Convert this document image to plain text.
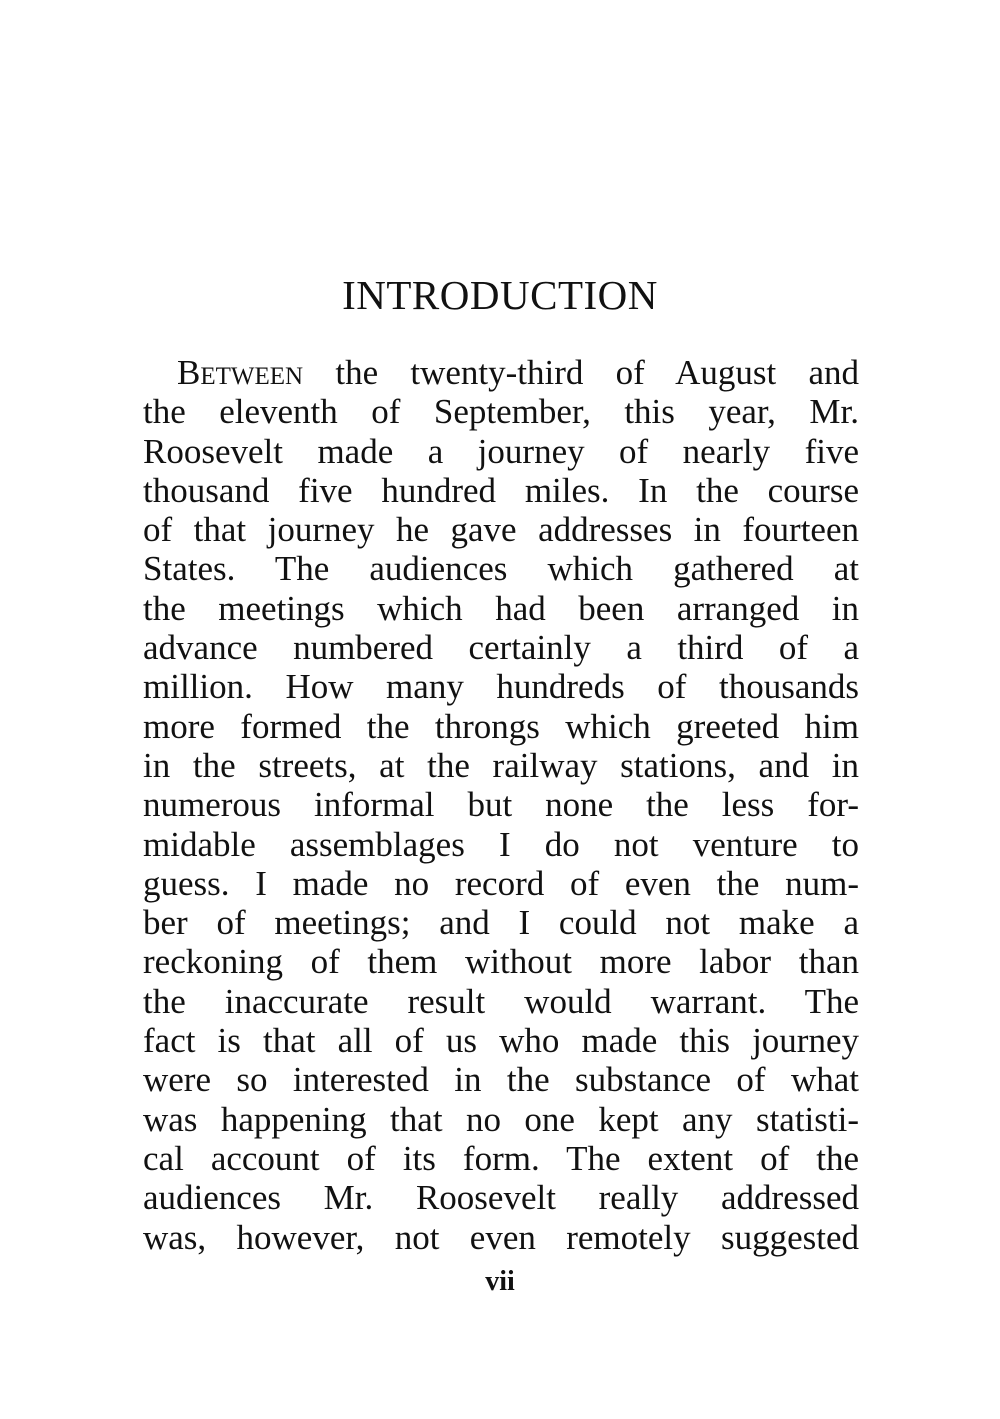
INTRODUCTION
Between the twenty-third of August and
the eleventh of September, this year, Mr.
Roosevelt made a journey of nearly five
thousand five hundred miles. In the course
of that journey he gave addresses in fourteen
States. The audiences which gathered at
the meetings which had been arranged in
advance numbered certainly a third of a
million. How many hundreds of thousands
more formed the throngs which greeted him
in the streets, at the railway stations, and in
numerous informal but none the less for-
midable assemblages I do not venture to
guess. I made no record of even the num-
ber of meetings; and I could not make a
reckoning of them without more labor than
the inaccurate result would warrant. The
fact is that all of us who made this journey
were so interested in the substance of what
was happening that no one kept any statisti-
cal account of its form. The extent of the
audiences Mr. Roosevelt really addressed
was, however, not even remotely suggested
vii
